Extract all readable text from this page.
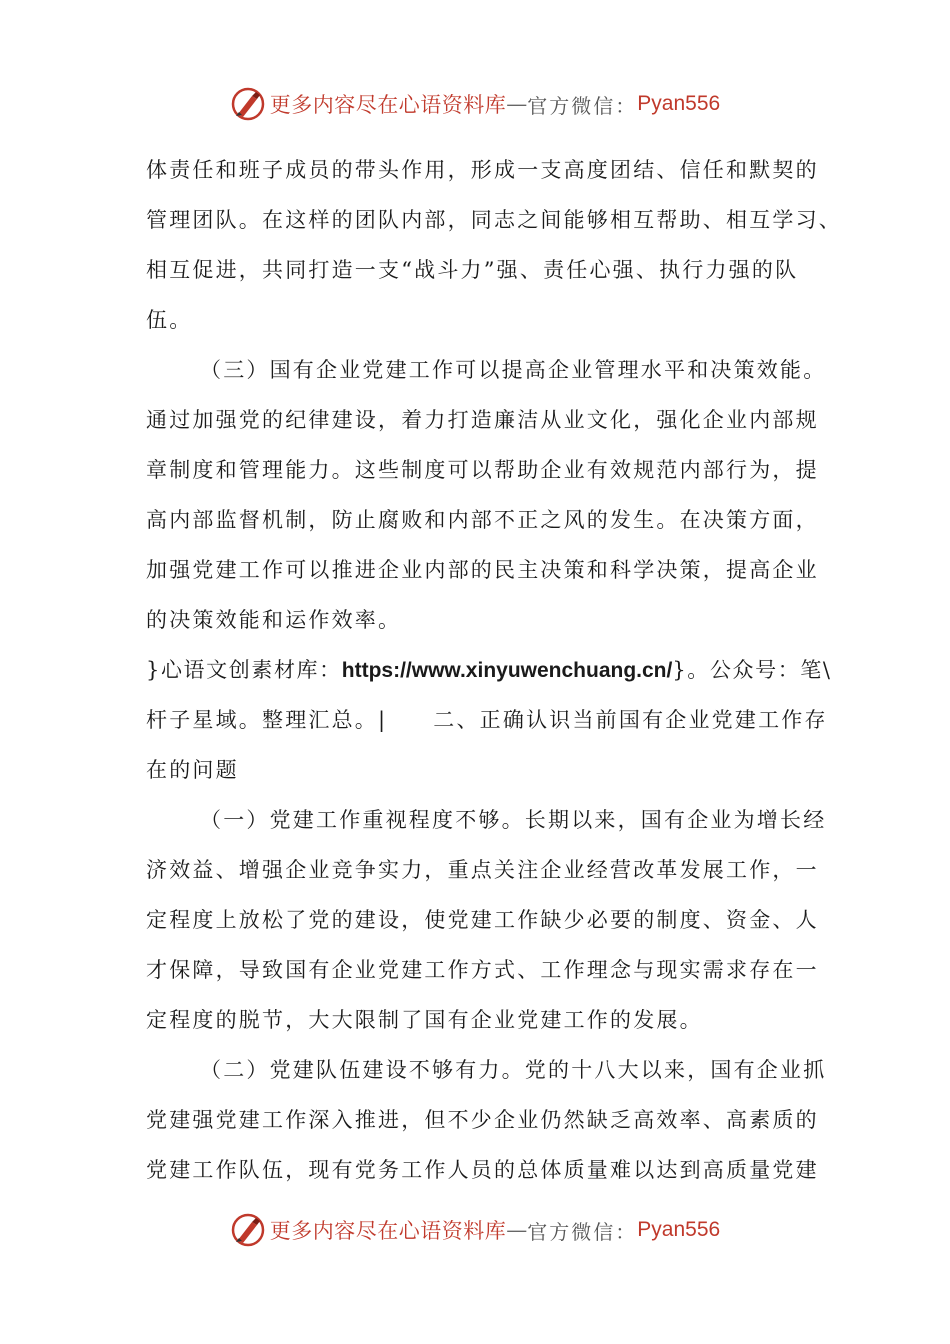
更多内容尽在心语资料库 — 官方微信： Pyan556
体责任和班子成员的带头作用，形成一支高度团结、信任和默契的
管理团队。在这样的团队内部，同志之间能够相互帮助、相互学习、
相互促进，共同打造一支“战斗力”强、责任心强、执行力强的队
伍。
（三）国有企业党建工作可以提高企业管理水平和决策效能。
通过加强党的纪律建设，着力打造廉洁从业文化，强化企业内部规
章制度和管理能力。这些制度可以帮助企业有效规范内部行为，提
高内部监督机制，防止腐败和内部不正之风的发生。在决策方面，
加强党建工作可以推进企业内部的民主决策和科学决策，提高企业
的决策效能和运作效率。
}心语文创素材库：https://www.xinyuwenchuang.cn/}。公众号：笔\
杆子星域。整理汇总。| 二、正确认识当前国有企业党建工作存
在的问题
（一）党建工作重视程度不够。长期以来，国有企业为增长经
济效益、增强企业竞争实力，重点关注企业经营改革发展工作，一
定程度上放松了党的建设，使党建工作缺少必要的制度、资金、人
才保障，导致国有企业党建工作方式、工作理念与现实需求存在一
定程度的脱节，大大限制了国有企业党建工作的发展。
（二）党建队伍建设不够有力。党的十八大以来，国有企业抓
党建强党建工作深入推进，但不少企业仍然缺乏高效率、高素质的
党建工作队伍，现有党务工作人员的总体质量难以达到高质量党建
更多内容尽在心语资料库 — 官方微信： Pyan556
